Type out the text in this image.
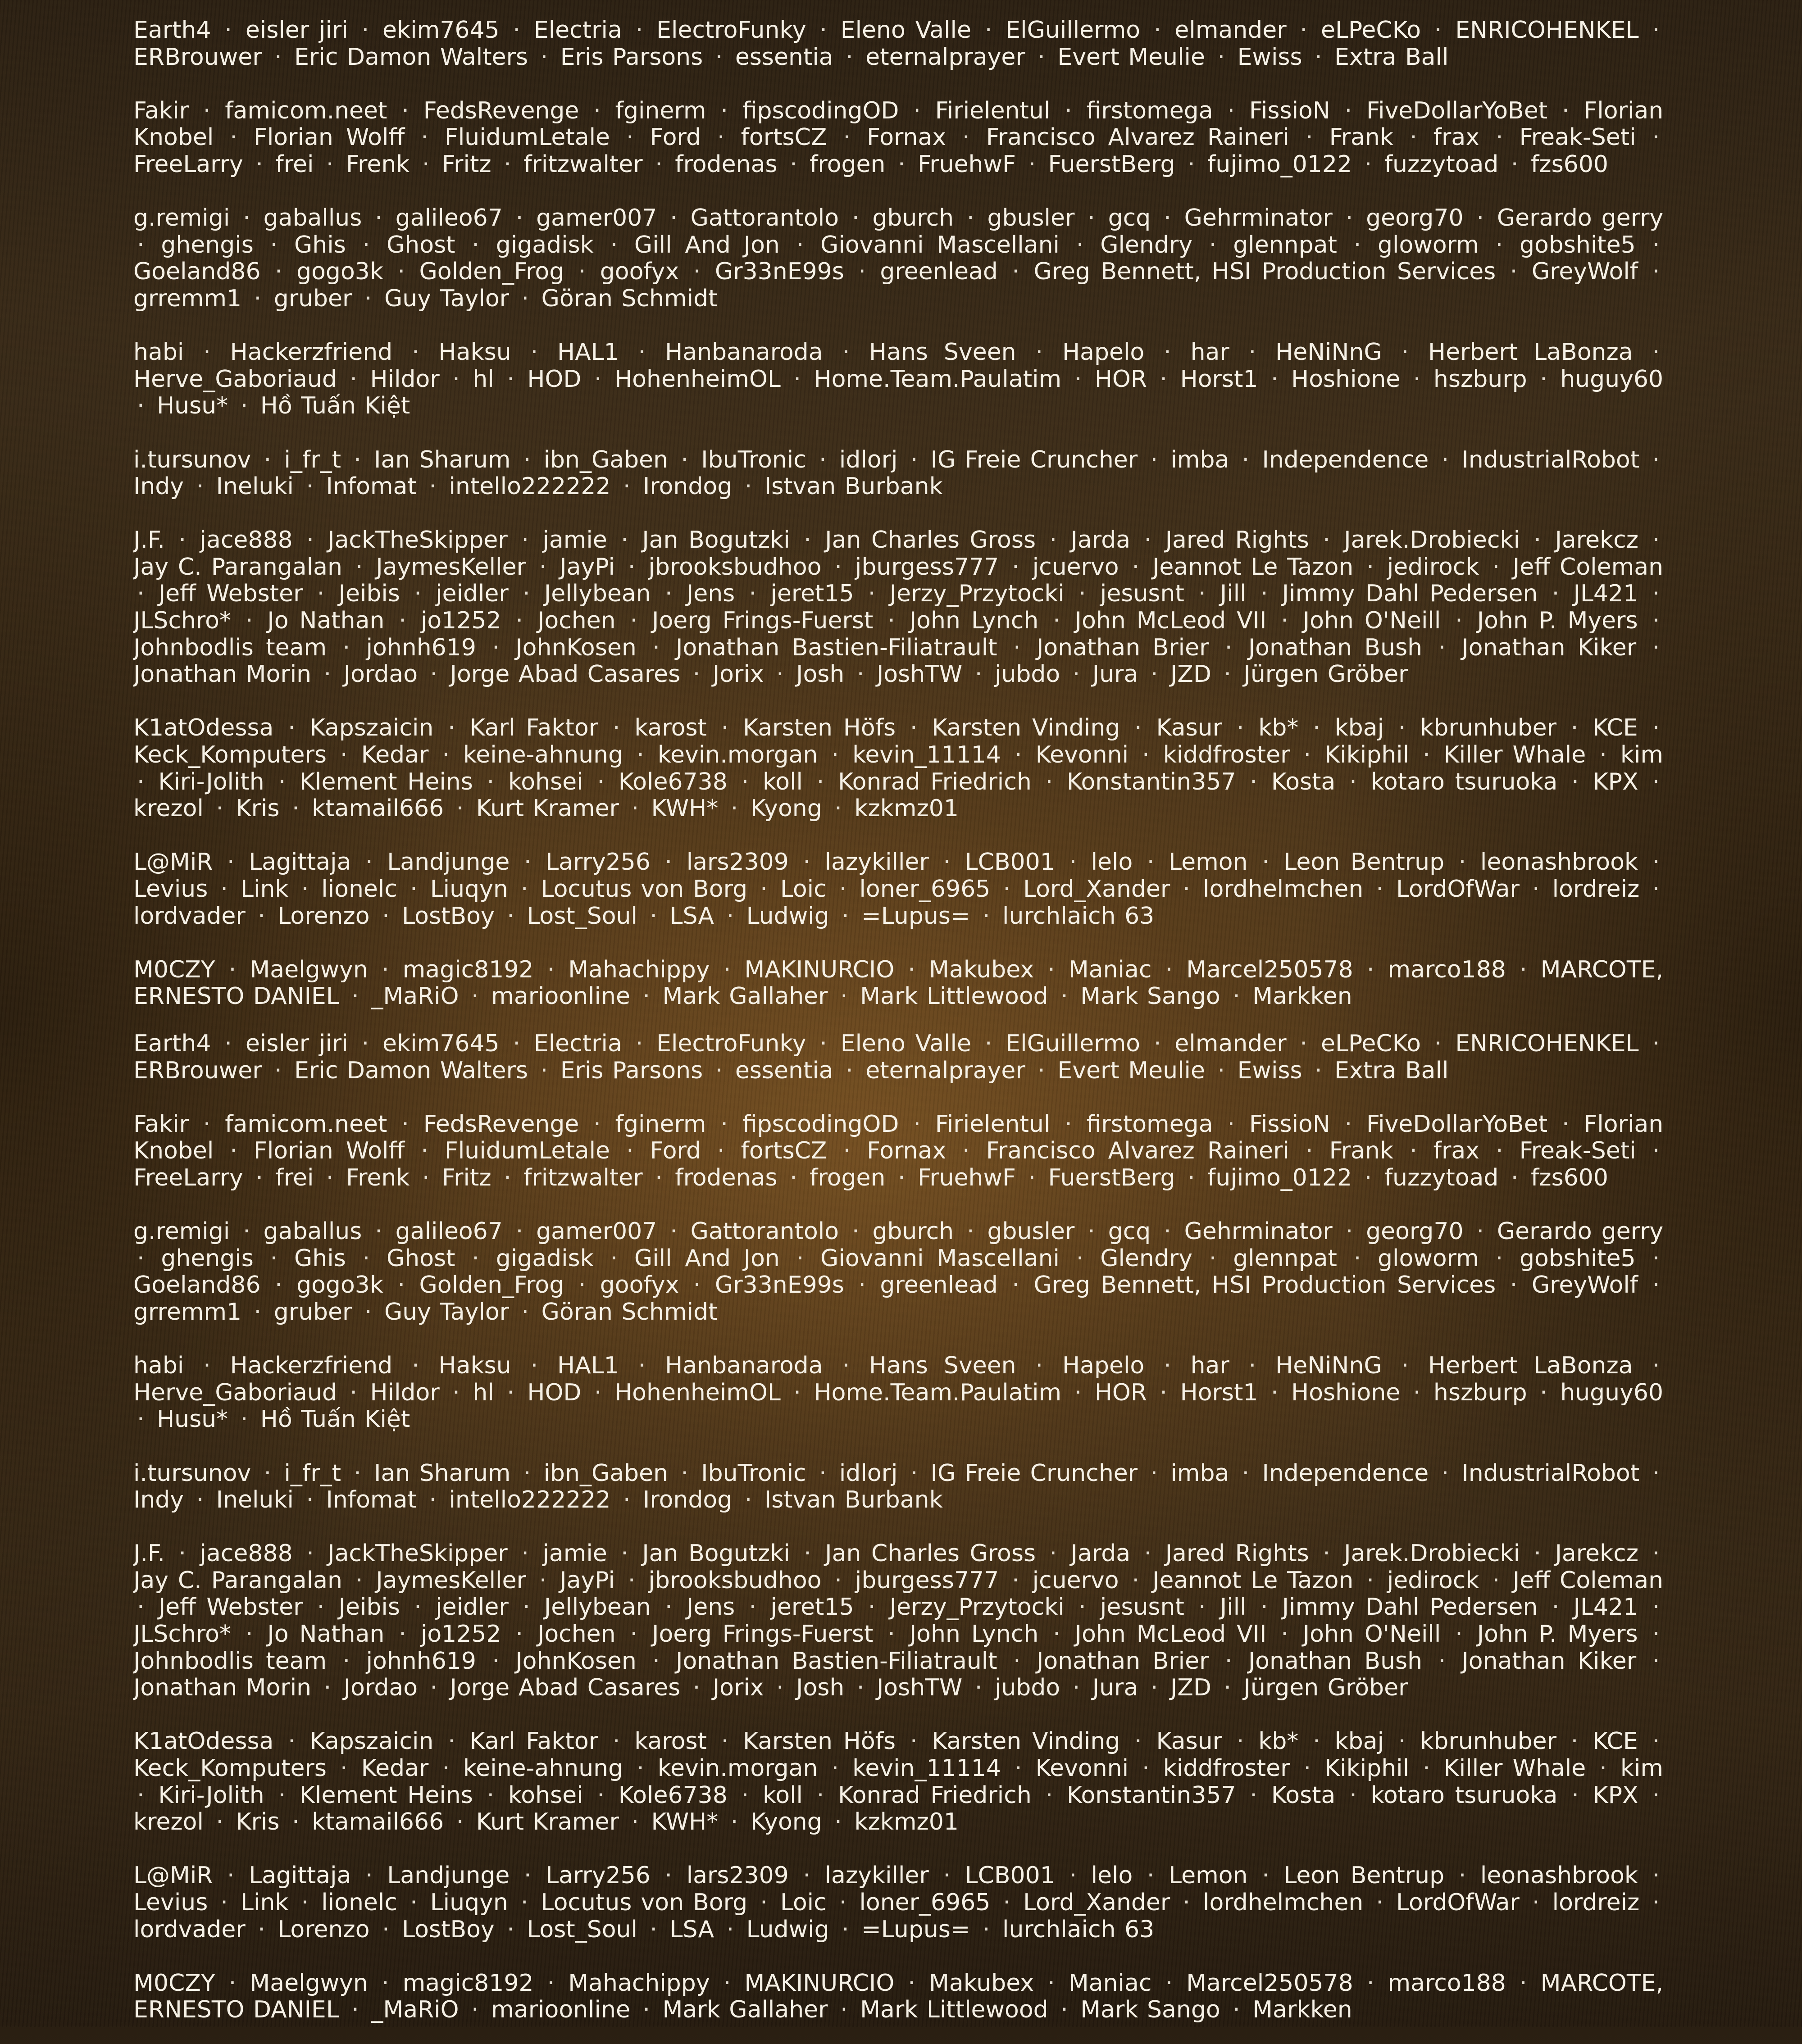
Earth4 · eisler jiri · ekim7645 · Electria · ElectroFunky · Eleno Valle · ElGuillermo · elmander · eLPeCKo · ENRICOHENKEL · ERBrouwer · Eric Damon Walters · Eris Parsons · essentia · eternalprayer · Evert Meulie · Ewiss · Extra Ball

Fakir · famicom.neet · FedsRevenge · fginerm · fipscodingOD · Firielentul · firstomega · FissioN · FiveDollarYoBet · Florian Knobel · Florian Wolff · FluidumLetale · Ford · fortsCZ · Fornax · Francisco Alvarez Raineri · Frank · frax · Freak-Seti · FreeLarry · frei · Frenk · Fritz · fritzwalter · frodenas · frogen · FruehwF · FuerstBerg · fujimo_0122 · fuzzytoad · fzs600

g.remigi · gaballus · galileo67 · gamer007 · Gattorantolo · gburch · gbusler · gcq · Gehrminator · georg70 · Gerardo gerry · ghengis · Ghis · Ghost · gigadisk · Gill And Jon · Giovanni Mascellani · Glendry · glennpat · gloworm · gobshite5 · Goeland86 · gogo3k · Golden_Frog · goofyx · Gr33nE99s · greenlead · Greg Bennett, HSI Production Services · GreyWolf · grremm1 · gruber · Guy Taylor · Göran Schmidt

habi · Hackerzfriend · Haksu · HAL1 · Hanbanaroda · Hans Sveen · Hapelo · har · HeNiNnG · Herbert LaBonza · Herve_Gaboriaud · Hildor · hl · HOD · HohenheimOL · Home.Team.Paulatim · HOR · Horst1 · Hoshione · hszburp · huguy60 · Husu* · Hồ Tuấn Kiệt

i.tursunov · i_fr_t · Ian Sharum · ibn_Gaben · IbuTronic · idlorj · IG Freie Cruncher · imba · Independence · IndustrialRobot · Indy · Ineluki · Infomat · intello222222 · Irondog · Istvan Burbank

J.F. · jace888 · JackTheSkipper · jamie · Jan Bogutzki · Jan Charles Gross · Jarda · Jared Rights · Jarek.Drobiecki · Jarekcz · Jay C. Parangalan · JaymesKeller · JayPi · jbrooksbudhoo · jburgess777 · jcuervo · Jeannot Le Tazon · jedirock · Jeff Coleman · Jeff Webster · Jeibis · jeidler · Jellybean · Jens · jeret15 · Jerzy_Przytocki · jesusnt · Jill · Jimmy Dahl Pedersen · JL421 · JLSchro* · Jo Nathan · jo1252 · Jochen · Joerg Frings-Fuerst · John Lynch · John McLeod VII · John O'Neill · John P. Myers · Johnbodlis team · johnh619 · JohnKosen · Jonathan Bastien-Filiatrault · Jonathan Brier · Jonathan Bush · Jonathan Kiker · Jonathan Morin · Jordao · Jorge Abad Casares · Jorix · Josh · JoshTW · jubdo · Jura · JZD · Jürgen Gröber

K1atOdessa · Kapszaicin · Karl Faktor · karost · Karsten Höfs · Karsten Vinding · Kasur · kb* · kbaj · kbrunhuber · KCE · Keck_Komputers · Kedar · keine-ahnung · kevin.morgan · kevin_11114 · Kevonni · kiddfroster · Kikiphil · Killer Whale · kim · Kiri-Jolith · Klement Heins · kohsei · Kole6738 · koll · Konrad Friedrich · Konstantin357 · Kosta · kotaro tsuruoka · KPX · krezol · Kris · ktamail666 · Kurt Kramer · KWH* · Kyong · kzkmz01

L@MiR · Lagittaja · Landjunge · Larry256 · lars2309 · lazykiller · LCB001 · lelo · Lemon · Leon Bentrup · leonashbrook · Levius · Link · lionelc · Liuqyn · Locutus von Borg · Loic · loner_6965 · Lord_Xander · lordhelmchen · LordOfWar · lordreiz · lordvader · Lorenzo · LostBoy · Lost_Soul · LSA · Ludwig · =Lupus= · lurchlaich 63

M0CZY · Maelgwyn · magic8192 · Mahachippy · MAKINURCIO · Makubex · Maniac · Marcel250578 · marco188 · MARCOTE, ERNESTO DANIEL · _MaRiO · marioonline · Mark Gallaher · Mark Littlewood · Mark Sango · Markken

Earth4 · eisler jiri · ekim7645 · Electria · ElectroFunky · Eleno Valle · ElGuillermo · elmander · eLPeCKo · ENRICOHENKEL · ERBrouwer · Eric Damon Walters · Eris Parsons · essentia · eternalprayer · Evert Meulie · Ewiss · Extra Ball

Fakir · famicom.neet · FedsRevenge · fginerm · fipscodingOD · Firielentul · firstomega · FissioN · FiveDollarYoBet · Florian Knobel · Florian Wolff · FluidumLetale · Ford · fortsCZ · Fornax · Francisco Alvarez Raineri · Frank · frax · Freak-Seti · FreeLarry · frei · Frenk · Fritz · fritzwalter · frodenas · frogen · FruehwF · FuerstBerg · fujimo_0122 · fuzzytoad · fzs600

g.remigi · gaballus · galileo67 · gamer007 · Gattorantolo · gburch · gbusler · gcq · Gehrminator · georg70 · Gerardo gerry · ghengis · Ghis · Ghost · gigadisk · Gill And Jon · Giovanni Mascellani · Glendry · glennpat · gloworm · gobshite5 · Goeland86 · gogo3k · Golden_Frog · goofyx · Gr33nE99s · greenlead · Greg Bennett, HSI Production Services · GreyWolf · grremm1 · gruber · Guy Taylor · Göran Schmidt

habi · Hackerzfriend · Haksu · HAL1 · Hanbanaroda · Hans Sveen · Hapelo · har · HeNiNnG · Herbert LaBonza · Herve_Gaboriaud · Hildor · hl · HOD · HohenheimOL · Home.Team.Paulatim · HOR · Horst1 · Hoshione · hszburp · huguy60 · Husu* · Hồ Tuấn Kiệt

i.tursunov · i_fr_t · Ian Sharum · ibn_Gaben · IbuTronic · idlorj · IG Freie Cruncher · imba · Independence · IndustrialRobot · Indy · Ineluki · Infomat · intello222222 · Irondog · Istvan Burbank

J.F. · jace888 · JackTheSkipper · jamie · Jan Bogutzki · Jan Charles Gross · Jarda · Jared Rights · Jarek.Drobiecki · Jarekcz · Jay C. Parangalan · JaymesKeller · JayPi · jbrooksbudhoo · jburgess777 · jcuervo · Jeannot Le Tazon · jedirock · Jeff Coleman · Jeff Webster · Jeibis · jeidler · Jellybean · Jens · jeret15 · Jerzy_Przytocki · jesusnt · Jill · Jimmy Dahl Pedersen · JL421 · JLSchro* · Jo Nathan · jo1252 · Jochen · Joerg Frings-Fuerst · John Lynch · John McLeod VII · John O'Neill · John P. Myers · Johnbodlis team · johnh619 · JohnKosen · Jonathan Bastien-Filiatrault · Jonathan Brier · Jonathan Bush · Jonathan Kiker · Jonathan Morin · Jordao · Jorge Abad Casares · Jorix · Josh · JoshTW · jubdo · Jura · JZD · Jürgen Gröber

K1atOdessa · Kapszaicin · Karl Faktor · karost · Karsten Höfs · Karsten Vinding · Kasur · kb* · kbaj · kbrunhuber · KCE · Keck_Komputers · Kedar · keine-ahnung · kevin.morgan · kevin_11114 · Kevonni · kiddfroster · Kikiphil · Killer Whale · kim · Kiri-Jolith · Klement Heins · kohsei · Kole6738 · koll · Konrad Friedrich · Konstantin357 · Kosta · kotaro tsuruoka · KPX · krezol · Kris · ktamail666 · Kurt Kramer · KWH* · Kyong · kzkmz01

L@MiR · Lagittaja · Landjunge · Larry256 · lars2309 · lazykiller · LCB001 · lelo · Lemon · Leon Bentrup · leonashbrook · Levius · Link · lionelc · Liuqyn · Locutus von Borg · Loic · loner_6965 · Lord_Xander · lordhelmchen · LordOfWar · lordreiz · lordvader · Lorenzo · LostBoy · Lost_Soul · LSA · Ludwig · =Lupus= · lurchlaich 63

M0CZY · Maelgwyn · magic8192 · Mahachippy · MAKINURCIO · Makubex · Maniac · Marcel250578 · marco188 · MARCOTE, ERNESTO DANIEL · _MaRiO · marioonline · Mark Gallaher · Mark Littlewood · Mark Sango · Markken
